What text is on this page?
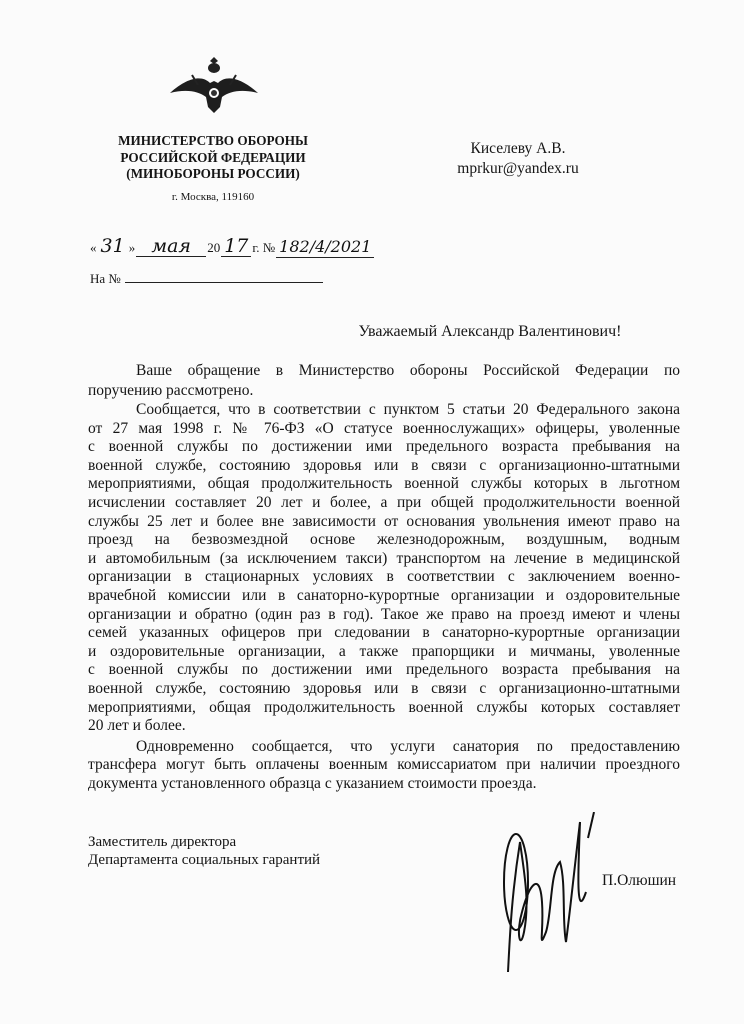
МИНИСТЕРСТВО ОБОРОНЫ
РОССИЙСКОЙ ФЕДЕРАЦИИ
(МИНОБОРОНЫ РОССИИ)
г. Москва, 119160
Киселеву А.В.
mprkur@yandex.ru
« 31 » мая 20 17 г. № 182/4/2021
На №
Уважаемый Александр Валентинович!
Ваше обращение в Министерство обороны Российской Федерации по
поручению рассмотрено.
Сообщается, что в соответствии с пунктом 5 статьи 20 Федерального закона
от 27 мая 1998 г. № 76-ФЗ «О статусе военнослужащих» офицеры, уволенные
с военной службы по достижении ими предельного возраста пребывания на
военной службе, состоянию здоровья или в связи с организационно-штатными
мероприятиями, общая продолжительность военной службы которых в льготном
исчислении составляет 20 лет и более, а при общей продолжительности военной
службы 25 лет и более вне зависимости от основания увольнения имеют право на
проезд на безвозмездной основе железнодорожным, воздушным, водным
и автомобильным (за исключением такси) транспортом на лечение в медицинской
организации в стационарных условиях в соответствии с заключением военно-
врачебной комиссии или в санаторно-курортные организации и оздоровительные
организации и обратно (один раз в год). Такое же право на проезд имеют и члены
семей указанных офицеров при следовании в санаторно-курортные организации
и оздоровительные организации, а также прапорщики и мичманы, уволенные
с военной службы по достижении ими предельного возраста пребывания на
военной службе, состоянию здоровья или в связи с организационно-штатными
мероприятиями, общая продолжительность военной службы которых составляет
20 лет и более.
Одновременно сообщается, что услуги санатория по предоставлению
трансфера могут быть оплачены военным комиссариатом при наличии проездного
документа установленного образца с указанием стоимости проезда.
Заместитель директора
Департамента социальных гарантий
П.Олюшин
